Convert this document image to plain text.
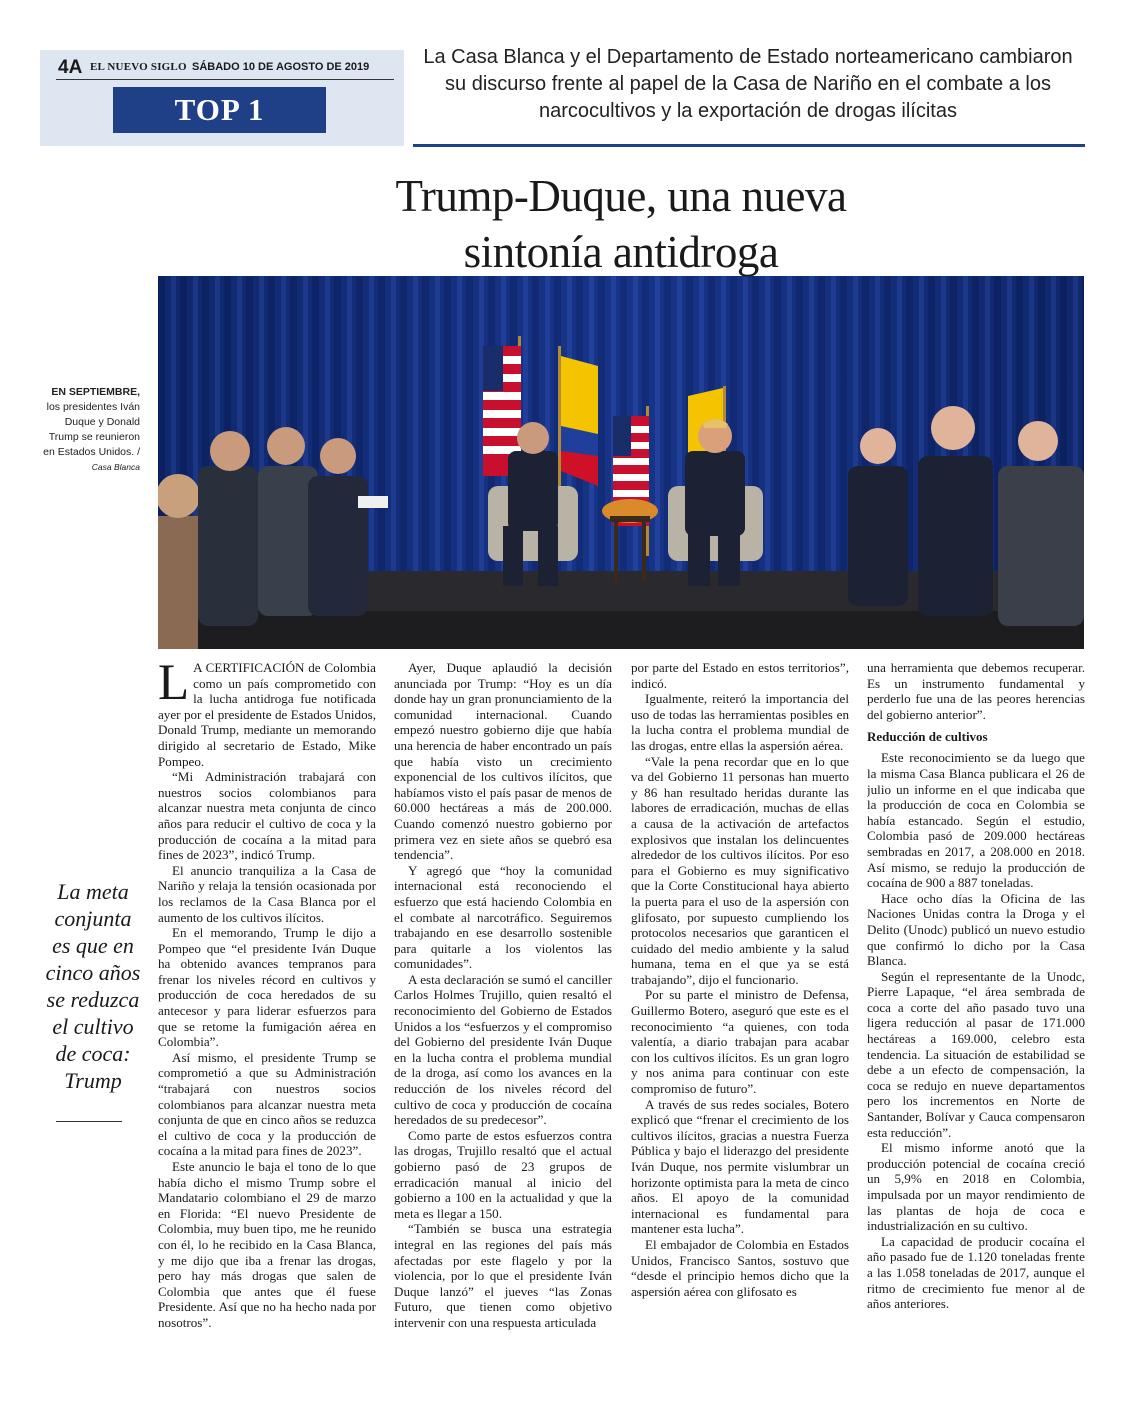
4A EL NUEVO SIGLO SÁBADO 10 DE AGOSTO DE 2019
TOP 1
La Casa Blanca y el Departamento de Estado norteamericano cambiaron su discurso frente al papel de la Casa de Nariño en el combate a los narcocultivos y la exportación de drogas ilícitas
Trump-Duque, una nueva
sintonía antidroga
EN SEPTIEMBRE,
los presidentes Iván Duque y Donald Trump se reunieron en Estados Unidos. /
Casa Blanca
La meta conjunta es que en cinco años se reduzca el cultivo de coca: Trump

L A CERTIFICACIÓN de Colombia como un país comprometido con la lucha antidroga fue notificada ayer por el presidente de Estados Unidos, Donald Trump, mediante un memorando dirigido al secretario de Estado, Mike Pompeo.

“Mi Administración trabajará con nuestros socios colombianos para alcanzar nuestra meta conjunta de cinco años para reducir el cultivo de coca y la producción de cocaína a la mitad para fines de 2023”, indicó Trump.

El anuncio tranquiliza a la Casa de Nariño y relaja la tensión ocasionada por los reclamos de la Casa Blanca por el aumento de los cultivos ilícitos.

En el memorando, Trump le dijo a Pompeo que “el presidente Iván Duque ha obtenido avances tempranos para frenar los niveles récord en cultivos y producción de coca heredados de su antecesor y para liderar esfuerzos para que se retome la fumigación aérea en Colombia”.

Así mismo, el presidente Trump se comprometió a que su Administración “trabajará con nuestros socios colombianos para alcanzar nuestra meta conjunta de que en cinco años se reduzca el cultivo de coca y la producción de cocaína a la mitad para fines de 2023”.

Este anuncio le baja el tono de lo que había dicho el mismo Trump sobre el Mandatario colombiano el 29 de marzo en Florida: “El nuevo Presidente de Colombia, muy buen tipo, me he reunido con él, lo he recibido en la Casa Blanca, y me dijo que iba a frenar las drogas, pero hay más drogas que salen de Colombia que antes que él fuese Presidente. Así que no ha hecho nada por nosotros”.

Ayer, Duque aplaudió la decisión anunciada por Trump: “Hoy es un día donde hay un gran pronunciamiento de la comunidad internacional. Cuando empezó nuestro gobierno dije que había una herencia de haber encontrado un país que había visto un crecimiento exponencial de los cultivos ilícitos, que habíamos visto el país pasar de menos de 60.000 hectáreas a más de 200.000. Cuando comenzó nuestro gobierno por primera vez en siete años se quebró esa tendencia”.

Y agregó que “hoy la comunidad internacional está reconociendo el esfuerzo que está haciendo Colombia en el combate al narcotráfico. Seguiremos trabajando en ese desarrollo sostenible para quitarle a los violentos las comunidades”.

A esta declaración se sumó el canciller Carlos Holmes Trujillo, quien resaltó el reconocimiento del Gobierno de Estados Unidos a los “esfuerzos y el compromiso del Gobierno del presidente Iván Duque en la lucha contra el problema mundial de la droga, así como los avances en la reducción de los niveles récord del cultivo de coca y producción de cocaína heredados de su predecesor”.

Como parte de estos esfuerzos contra las drogas, Trujillo resaltó que el actual gobierno pasó de 23 grupos de erradicación manual al inicio del gobierno a 100 en la actualidad y que la meta es llegar a 150.

“También se busca una estrategia integral en las regiones del país más afectadas por este flagelo y por la violencia, por lo que el presidente Iván Duque lanzó” el jueves “las Zonas Futuro, que tienen como objetivo intervenir con una respuesta articulada

por parte del Estado en estos territorios”, indicó.

Igualmente, reiteró la importancia del uso de todas las herramientas posibles en la lucha contra el problema mundial de las drogas, entre ellas la aspersión aérea.

“Vale la pena recordar que en lo que va del Gobierno 11 personas han muerto y 86 han resultado heridas durante las labores de erradicación, muchas de ellas a causa de la activación de artefactos explosivos que instalan los delincuentes alrededor de los cultivos ilícitos. Por eso para el Gobierno es muy significativo que la Corte Constitucional haya abierto la puerta para el uso de la aspersión con glifosato, por supuesto cumpliendo los protocolos necesarios que garanticen el cuidado del medio ambiente y la salud humana, tema en el que ya se está trabajando”, dijo el funcionario.

Por su parte el ministro de Defensa, Guillermo Botero, aseguró que este es el reconocimiento “a quienes, con toda valentía, a diario trabajan para acabar con los cultivos ilícitos. Es un gran logro y nos anima para continuar con este compromiso de futuro”.

A través de sus redes sociales, Botero explicó que “frenar el crecimiento de los cultivos ilícitos, gracias a nuestra Fuerza Pública y bajo el liderazgo del presidente Iván Duque, nos permite vislumbrar un horizonte optimista para la meta de cinco años. El apoyo de la comunidad internacional es fundamental para mantener esta lucha”.

El embajador de Colombia en Estados Unidos, Francisco Santos, sostuvo que “desde el principio hemos dicho que la aspersión aérea con glifosato es

una herramienta que debemos recuperar. Es un instrumento fundamental y perderlo fue una de las peores herencias del gobierno anterior”.

Reducción de cultivos

Este reconocimiento se da luego que la misma Casa Blanca publicara el 26 de julio un informe en el que indicaba que la producción de coca en Colombia se había estancado. Según el estudio, Colombia pasó de 209.000 hectáreas sembradas en 2017, a 208.000 en 2018. Así mismo, se redujo la producción de cocaína de 900 a 887 toneladas.

Hace ocho días la Oficina de las Naciones Unidas contra la Droga y el Delito (Unodc) publicó un nuevo estudio que confirmó lo dicho por la Casa Blanca.

Según el representante de la Unodc, Pierre Lapaque, “el área sembrada de coca a corte del año pasado tuvo una ligera reducción al pasar de 171.000 hectáreas a 169.000, celebro esta tendencia. La situación de estabilidad se debe a un efecto de compensación, la coca se redujo en nueve departamentos pero los incrementos en Norte de Santander, Bolívar y Cauca compensaron esta reducción”.

El mismo informe anotó que la producción potencial de cocaína creció un 5,9% en 2018 en Colombia, impulsada por un mayor rendimiento de las plantas de hoja de coca e industrialización en su cultivo.

La capacidad de producir cocaína el año pasado fue de 1.120 toneladas frente a las 1.058 toneladas de 2017, aunque el ritmo de crecimiento fue menor al de años anteriores.
